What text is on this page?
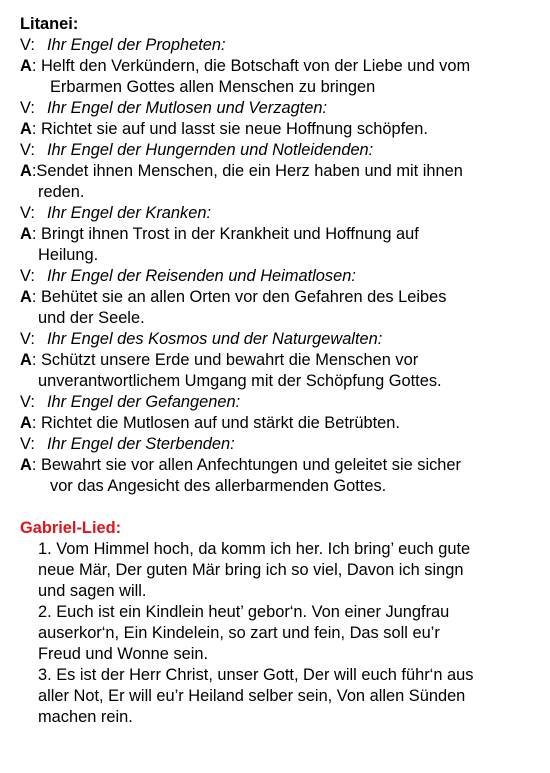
Litanei:
V: Ihr Engel der Propheten:
A: Helft den Verkündern, die Botschaft von der Liebe und vom
Erbarmen Gottes allen Menschen zu bringen
V: Ihr Engel der Mutlosen und Verzagten:
A: Richtet sie auf und lasst sie neue Hoffnung schöpfen.
V: Ihr Engel der Hungernden und Notleidenden:
A:Sendet ihnen Menschen, die ein Herz haben und mit ihnen
reden.
V: Ihr Engel der Kranken:
A: Bringt ihnen Trost in der Krankheit und Hoffnung auf
Heilung.
V: Ihr Engel der Reisenden und Heimatlosen:
A: Behütet sie an allen Orten vor den Gefahren des Leibes
und der Seele.
V: Ihr Engel des Kosmos und der Naturgewalten:
A: Schützt unsere Erde und bewahrt die Menschen vor
unverantwortlichem Umgang mit der Schöpfung Gottes.
V: Ihr Engel der Gefangenen:
A: Richtet die Mutlosen auf und stärkt die Betrübten.
V: Ihr Engel der Sterbenden:
A: Bewahrt sie vor allen Anfechtungen und geleitet sie sicher
vor das Angesicht des allerbarmenden Gottes.
Gabriel-Lied:

1. Vom Himmel hoch, da komm ich her. Ich bring’ euch gute
neue Mär, Der guten Mär bring ich so viel, Davon ich singn
und sagen will.

2. Euch ist ein Kindlein heut’ gebor‘n. Von einer Jungfrau
auserkor‘n, Ein Kindelein, so zart und fein, Das soll eu’r
Freud und Wonne sein.

3. Es ist der Herr Christ, unser Gott, Der will euch führ‘n aus
aller Not, Er will eu’r Heiland selber sein, Von allen Sünden
machen rein.
